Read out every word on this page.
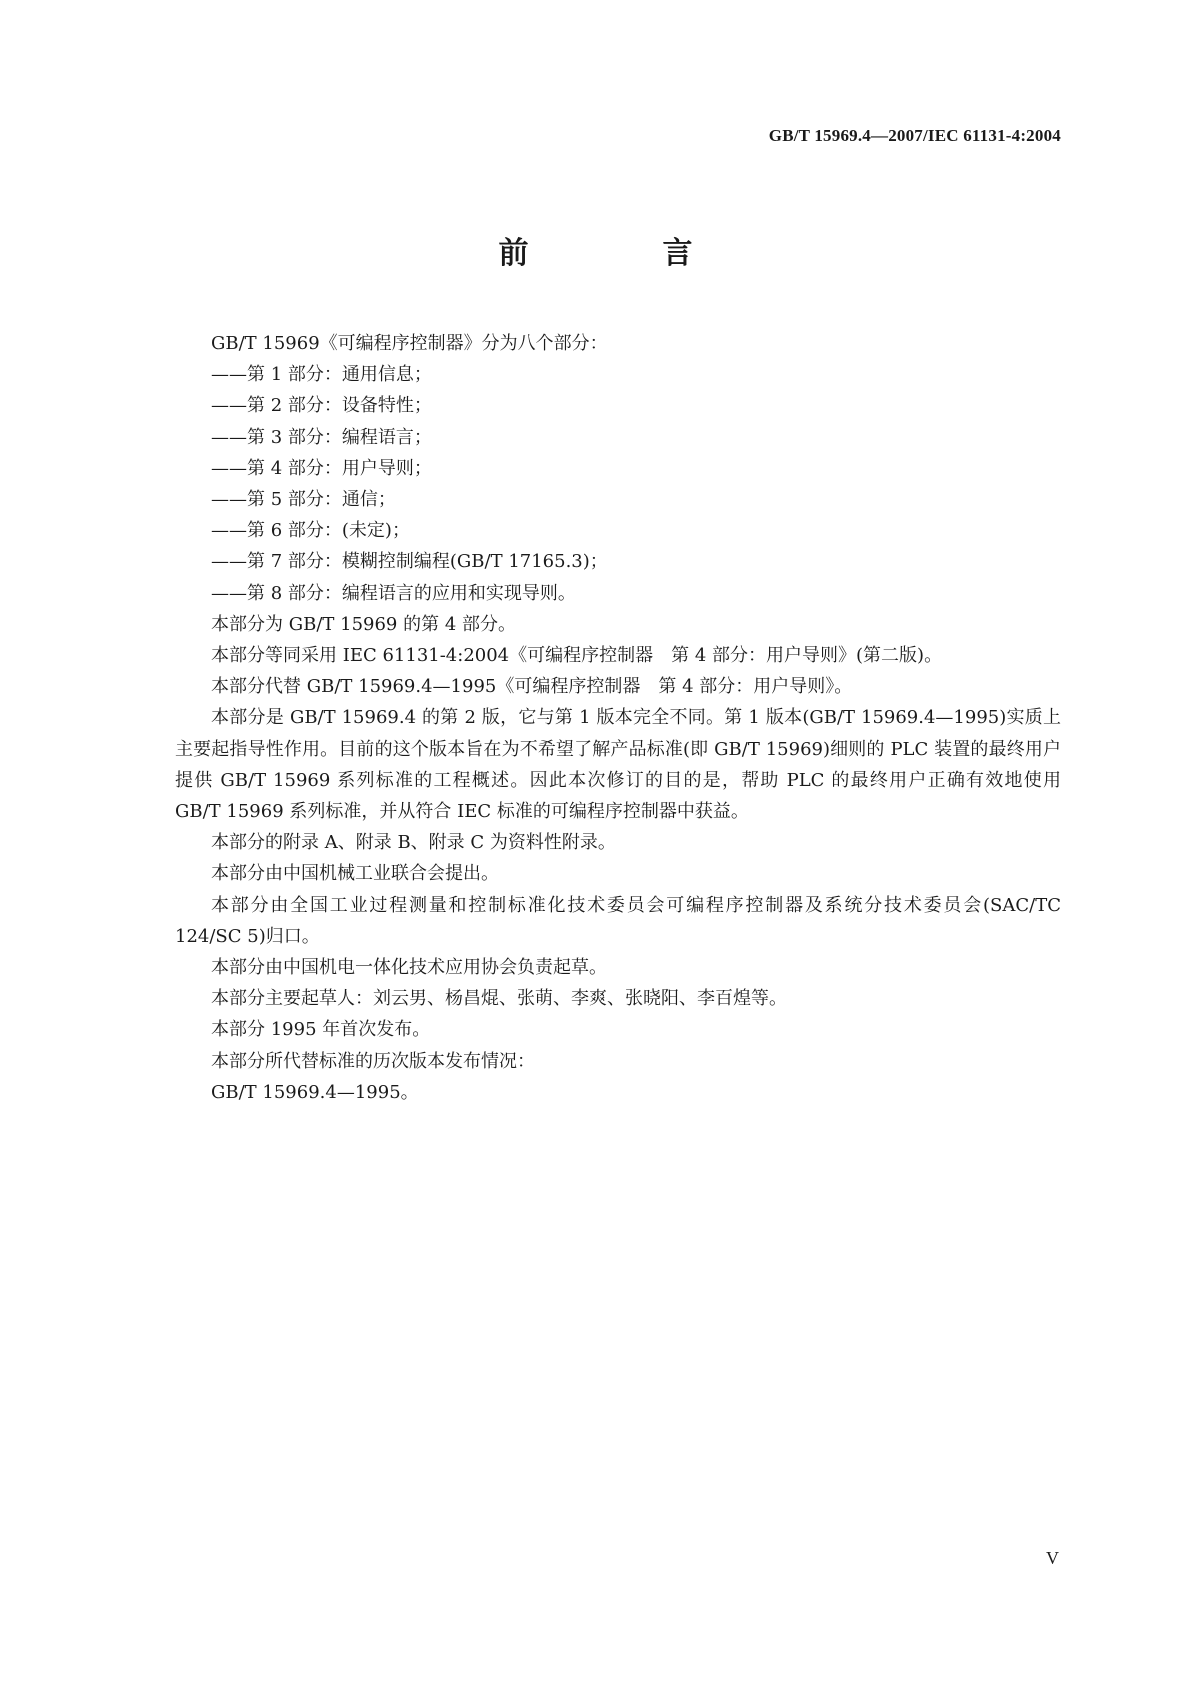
GB/T 15969.4—2007/IEC 61131-4:2004
前　言

GB/T 15969《可编程序控制器》分为八个部分：

——第 1 部分：通用信息；

——第 2 部分：设备特性；

——第 3 部分：编程语言；

——第 4 部分：用户导则；

——第 5 部分：通信；

——第 6 部分：(未定)；

——第 7 部分：模糊控制编程(GB/T 17165.3)；

——第 8 部分：编程语言的应用和实现导则。

本部分为 GB/T 15969 的第 4 部分。

本部分等同采用 IEC 61131-4:2004《可编程序控制器　第 4 部分：用户导则》(第二版)。

本部分代替 GB/T 15969.4—1995《可编程序控制器　第 4 部分：用户导则》。

本部分是 GB/T 15969.4 的第 2 版，它与第 1 版本完全不同。第 1 版本(GB/T 15969.4—1995)实质上主要起指导性作用。目前的这个版本旨在为不希望了解产品标准(即 GB/T 15969)细则的 PLC 装置的最终用户提供 GB/T 15969 系列标准的工程概述。因此本次修订的目的是，帮助 PLC 的最终用户正确有效地使用 GB/T 15969 系列标准，并从符合 IEC 标准的可编程序控制器中获益。

本部分的附录 A、附录 B、附录 C 为资料性附录。

本部分由中国机械工业联合会提出。

本部分由全国工业过程测量和控制标准化技术委员会可编程序控制器及系统分技术委员会(SAC/TC 124/SC 5)归口。

本部分由中国机电一体化技术应用协会负责起草。

本部分主要起草人：刘云男、杨昌焜、张萌、李爽、张晓阳、李百煌等。

本部分 1995 年首次发布。

本部分所代替标准的历次版本发布情况：

GB/T 15969.4—1995。

V
